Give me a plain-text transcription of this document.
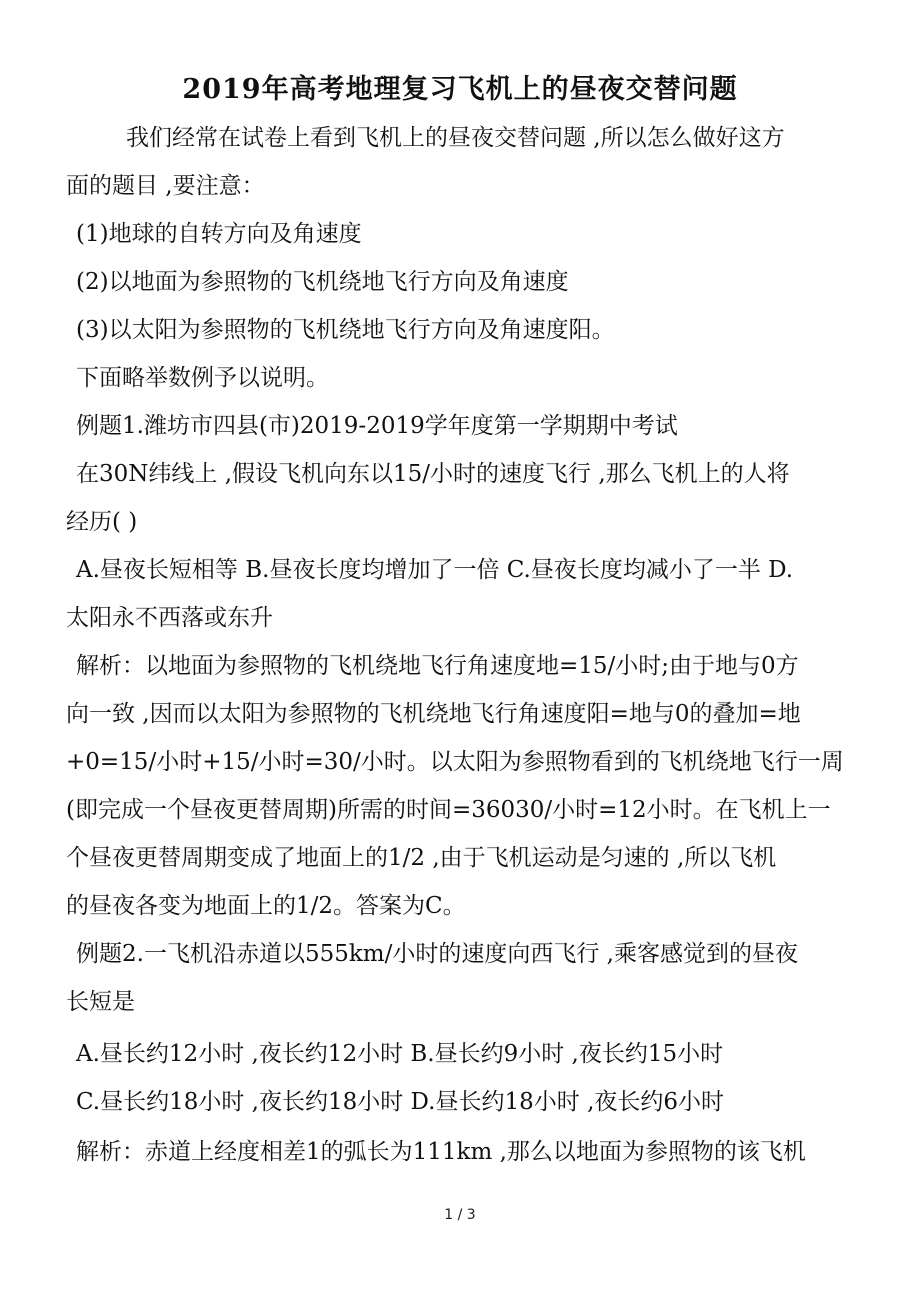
2019年高考地理复习飞机上的昼夜交替问题

我们经常在试卷上看到飞机上的昼夜交替问题 ,所以怎么做好这方

面的题目 ,要注意：

(1)地球的自转方向及角速度

(2)以地面为参照物的飞机绕地飞行方向及角速度

(3)以太阳为参照物的飞机绕地飞行方向及角速度阳。

下面略举数例予以说明。

例题1.潍坊市四县(市)2019-2019学年度第一学期期中考试

在30N纬线上 ,假设飞机向东以15/小时的速度飞行 ,那么飞机上的人将

经历( )

A.昼夜长短相等 B.昼夜长度均增加了一倍 C.昼夜长度均减小了一半 D.

太阳永不西落或东升

解析：以地面为参照物的飞机绕地飞行角速度地=15/小时;由于地与0方

向一致 ,因而以太阳为参照物的飞机绕地飞行角速度阳=地与0的叠加=地

+0=15/小时+15/小时=30/小时。以太阳为参照物看到的飞机绕地飞行一周

(即完成一个昼夜更替周期)所需的时间=36030/小时=12小时。在飞机上一

个昼夜更替周期变成了地面上的1/2 ,由于飞机运动是匀速的 ,所以飞机

的昼夜各变为地面上的1/2。答案为C。

例题2.一飞机沿赤道以555km/小时的速度向西飞行 ,乘客感觉到的昼夜

长短是

A.昼长约12小时 ,夜长约12小时 B.昼长约9小时 ,夜长约15小时

C.昼长约18小时 ,夜长约18小时 D.昼长约18小时 ,夜长约6小时

解析：赤道上经度相差1的弧长为111km ,那么以地面为参照物的该飞机

1 / 3
